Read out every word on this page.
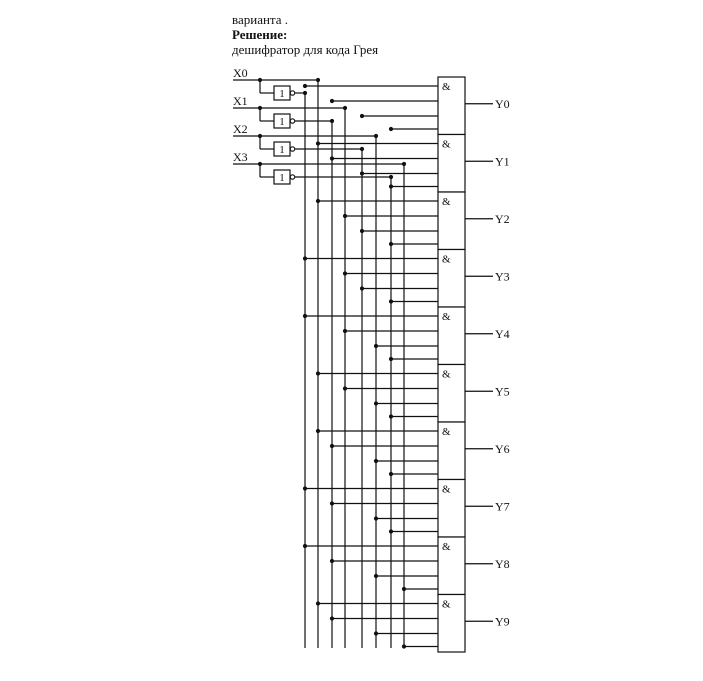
варианта .
Решение:
дешифратор для кода Грея
X0
1
X1
1
X2
1
X3
1
&
Y0
&
Y1
&
Y2
&
Y3
&
Y4
&
Y5
&
Y6
&
Y7
&
Y8
&
Y9
